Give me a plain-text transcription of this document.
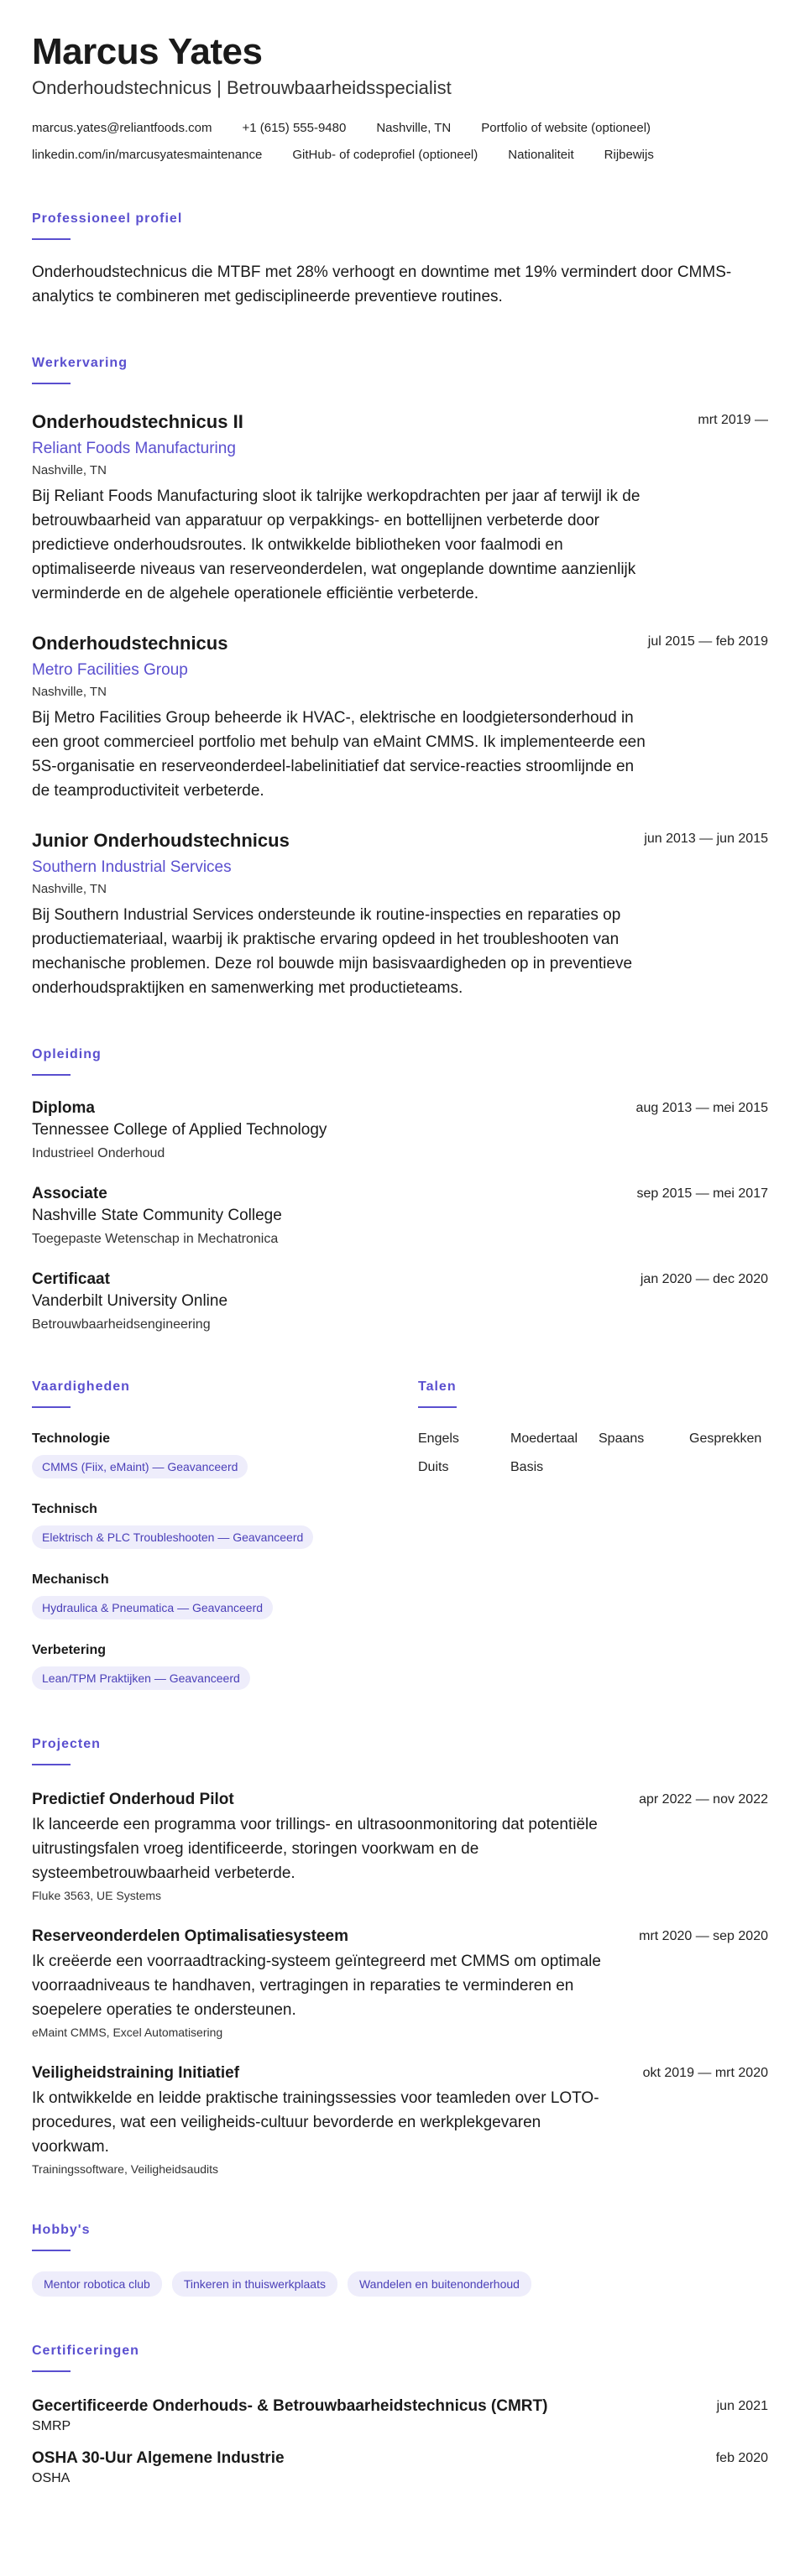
Marcus Yates
Onderhoudstechnicus | Betrouwbaarheidsspecialist
marcus.yates@reliantfoods.com +1 (615) 555-9480 Nashville, TN Portfolio of website (optioneel)
linkedin.com/in/marcusyatesmaintenance GitHub- of codeprofiel (optioneel) Nationaliteit Rijbewijs
Professioneel profiel

Onderhoudstechnicus die MTBF met 28% verhoogt en downtime met 19% vermindert door CMMS-analytics te combineren met gedisciplineerde preventieve routines.

Werkervaring
Onderhoudstechnicus II	mrt 2019 —
Reliant Foods Manufacturing
Nashville, TN

Bij Reliant Foods Manufacturing sloot ik talrijke werkopdrachten per jaar af terwijl ik de betrouwbaarheid van apparatuur op verpakkings- en bottellijnen verbeterde door predictieve onderhoudsroutes. Ik ontwikkelde bibliotheken voor faalmodi en optimaliseerde niveaus van reserveonderdelen, wat ongeplande downtime aanzienlijk verminderde en de algehele operationele efficiëntie verbeterde.

Onderhoudstechnicus	jul 2015 — feb 2019
Metro Facilities Group
Nashville, TN

Bij Metro Facilities Group beheerde ik HVAC-, elektrische en loodgietersonderhoud in een groot commercieel portfolio met behulp van eMaint CMMS. Ik implementeerde een 5S-organisatie en reserveonderdeel-labelinitiatief dat service-reacties stroomlijnde en de teamproductiviteit verbeterde.

Junior Onderhoudstechnicus	jun 2013 — jun 2015
Southern Industrial Services
Nashville, TN

Bij Southern Industrial Services ondersteunde ik routine-inspecties en reparaties op productiemateriaal, waarbij ik praktische ervaring opdeed in het troubleshooten van mechanische problemen. Deze rol bouwde mijn basisvaardigheden op in preventieve onderhoudspraktijken en samenwerking met productieteams.

Opleiding
Diploma	aug 2013 — mei 2015
Tennessee College of Applied Technology
Industrieel Onderhoud
Associate	sep 2015 — mei 2017
Nashville State Community College
Toegepaste Wetenschap in Mechatronica
Certificaat	jan 2020 — dec 2020
Vanderbilt University Online
Betrouwbaarheidsengineering
Vaardigheden
Technologie
CMMS (Fiix, eMaint) — Geavanceerd
Technisch
Elektrisch & PLC Troubleshooten — Geavanceerd
Mechanisch
Hydraulica & Pneumatica — Geavanceerd
Verbetering
Lean/TPM Praktijken — Geavanceerd
Talen
Engels	Moedertaal	Spaans	Gesprekken
Duits	Basis
Projecten
Predictief Onderhoud Pilot	apr 2022 — nov 2022

Ik lanceerde een programma voor trillings- en ultrasoonmonitoring dat potentiële uitrustingsfalen vroeg identificeerde, storingen voorkwam en de systeembetrouwbaarheid verbeterde.

Fluke 3563, UE Systems
Reserveonderdelen Optimalisatiesysteem	mrt 2020 — sep 2020

Ik creëerde een voorraadtracking-systeem geïntegreerd met CMMS om optimale voorraadniveaus te handhaven, vertragingen in reparaties te verminderen en soepelere operaties te ondersteunen.

eMaint CMMS, Excel Automatisering
Veiligheidstraining Initiatief	okt 2019 — mrt 2020

Ik ontwikkelde en leidde praktische trainingssessies voor teamleden over LOTO-procedures, wat een veiligheids-cultuur bevorderde en werkplekgevaren voorkwam.

Trainingssoftware, Veiligheidsaudits
Hobby's
Mentor robotica club	Tinkeren in thuiswerkplaats	Wandelen en buitenonderhoud
Certificeringen
Gecertificeerde Onderhouds- & Betrouwbaarheidstechnicus (CMRT)	jun 2021
SMRP
OSHA 30-Uur Algemene Industrie	feb 2020
OSHA
